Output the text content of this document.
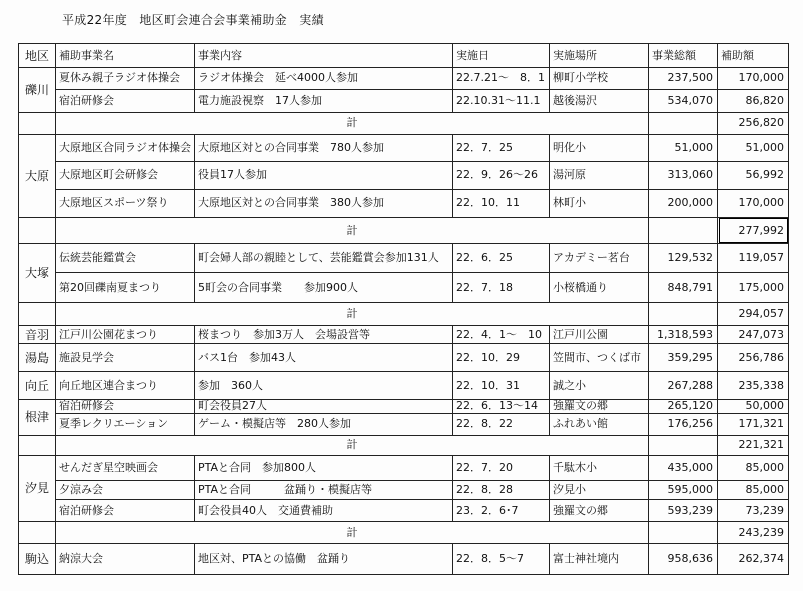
平成22年度　地区町会連合会事業補助金　実績
地区	補助事業名	事業内容	実施日	実施場所	事業総額	補助額
礫川	夏休み親子ラジオ体操会	ラジオ体操会　延べ4000人参加	22.7.21～　8．1	柳町小学校	237,500	170,000
	宿泊研修会	電力施設視察　17人参加	22.10.31～11.1	越後湯沢	534,070	86,820
	計					256,820
大原	大原地区合同ラジオ体操会	大原地区対との合同事業　780人参加	22．7．25	明化小	51,000	51,000
	大原地区町会研修会	役員17人参加	22．9．26～26	湯河原	313,060	56,992
	大原地区スポーツ祭り	大原地区対との合同事業　380人参加	22．10．11	林町小	200,000	170,000
	計					277,992
大塚	伝統芸能鑑賞会	町会婦人部の親睦として、芸能鑑賞会参加131人	22．6．25	アカデミー茗台	129,532	119,057
	第20回礫南夏まつり	5町会の合同事業　　参加900人	22．7．18	小桜橋通り	848,791	175,000
	計					294,057
音羽	江戸川公園花まつり	桜まつり　参加3万人　会場設営等	22．4．1～　10	江戸川公園	1,318,593	247,073
湯島	施設見学会	バス1台　参加43人	22．10．29	笠間市、つくば市	359,295	256,786
向丘	向丘地区連合まつり	参加　360人	22．10．31	誠之小	267,288	235,338
根津	宿泊研修会	町会役員27人	22．6．13～14	強羅文の郷	265,120	50,000
	夏季レクリエーション	ゲーム・模擬店等　280人参加	22．8．22	ふれあい館	176,256	171,321
	計					221,321
汐見	せんだぎ星空映画会	PTAと合同　参加800人	22．7．20	千駄木小	435,000	85,000
	夕涼み会	PTAと合同　　　盆踊り・模擬店等	22．8．28	汐見小	595,000	85,000
	宿泊研修会	町会役員40人　交通費補助	23．2．6･7	強羅文の郷	593,239	73,239
	計					243,239
駒込	納涼大会	地区対、PTAとの協働　盆踊り	22．8．5～7	富士神社境内	958,636	262,374
